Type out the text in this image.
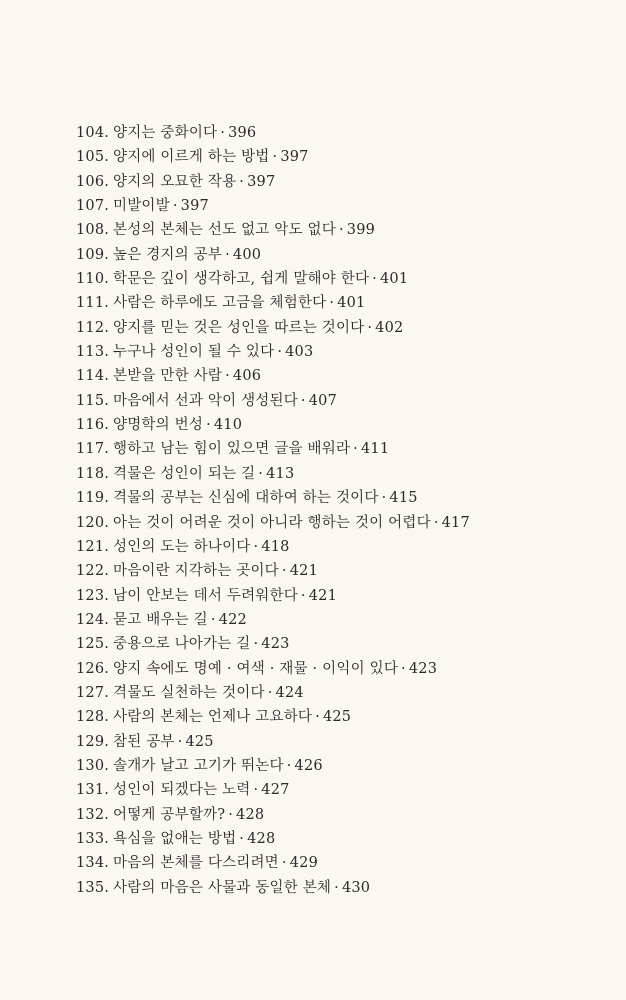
104. 양지는 중화이다 · 396
105. 양지에 이르게 하는 방법 · 397
106. 양지의 오묘한 작용 · 397
107. 미발이발 · 397
108. 본성의 본체는 선도 없고 악도 없다 · 399
109. 높은 경지의 공부 · 400
110. 학문은 깊이 생각하고, 쉽게 말해야 한다 · 401
111. 사람은 하루에도 고금을 체험한다 · 401
112. 양지를 믿는 것은 성인을 따르는 것이다 · 402
113. 누구나 성인이 될 수 있다 · 403
114. 본받을 만한 사람 · 406
115. 마음에서 선과 악이 생성된다 · 407
116. 양명학의 번성 · 410
117. 행하고 남는 힘이 있으면 글을 배워라 · 411
118. 격물은 성인이 되는 길 · 413
119. 격물의 공부는 신심에 대하여 하는 것이다 · 415
120. 아는 것이 어려운 것이 아니라 행하는 것이 어렵다 · 417
121. 성인의 도는 하나이다 · 418
122. 마음이란 지각하는 곳이다 · 421
123. 남이 안보는 데서 두려워한다 · 421
124. 묻고 배우는 길 · 422
125. 중용으로 나아가는 길 · 423
126. 양지 속에도 명예 · 여색 · 재물 · 이익이 있다 · 423
127. 격물도 실천하는 것이다 · 424
128. 사람의 본체는 언제나 고요하다 · 425
129. 참된 공부 · 425
130. 솔개가 날고 고기가 뛰논다 · 426
131. 성인이 되겠다는 노력 · 427
132. 어떻게 공부할까? · 428
133. 욕심을 없애는 방법 · 428
134. 마음의 본체를 다스리려면 · 429
135. 사람의 마음은 사물과 동일한 본체 · 430
